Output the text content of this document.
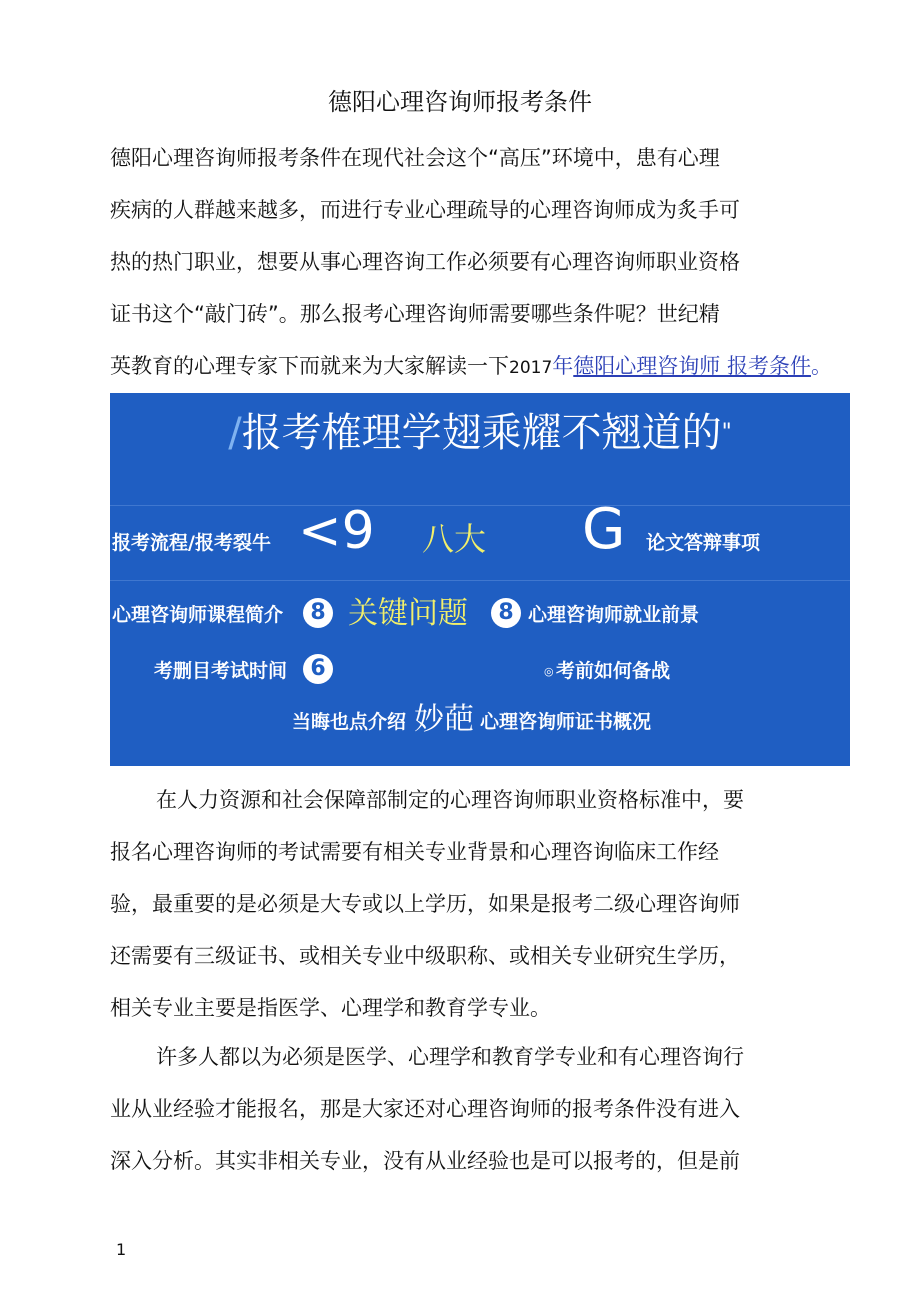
德阳心理咨询师报考条件
德阳心理咨询师报考条件在现代社会这个“高压”环境中，患有心理
疾病的人群越来越多，而进行专业心理疏导的心理咨询师成为炙手可
热的热门职业，想要从事心理咨询工作必须要有心理咨询师职业资格
证书这个“敲门砖”。那么报考心理咨询师需要哪些条件呢？世纪精
英教育的心理专家下而就来为大家解读一下2017年德阳心理咨询师 报考条件。
/报考榷理学翅乘耀不翘道的"
报考流程/报考裂牛 <9 八大 G 论文答辩事项
心理咨询师课程简介	8 关键问题	8 心理咨询师就业前景
考删目考试时间	6	◎ 考前如何备战
当晦也点介绍 妙葩 心理咨询师证书概况
在人力资源和社会保障部制定的心理咨询师职业资格标准中，要
报名心理咨询师的考试需要有相关专业背景和心理咨询临床工作经
验，最重要的是必须是大专或以上学历，如果是报考二级心理咨询师
还需要有三级证书、或相关专业中级职称、或相关专业研究生学历，
相关专业主要是指医学、心理学和教育学专业。
许多人都以为必须是医学、心理学和教育学专业和有心理咨询行
业从业经验才能报名，那是大家还对心理咨询师的报考条件没有进入
深入分析。其实非相关专业，没有从业经验也是可以报考的，但是前
1
